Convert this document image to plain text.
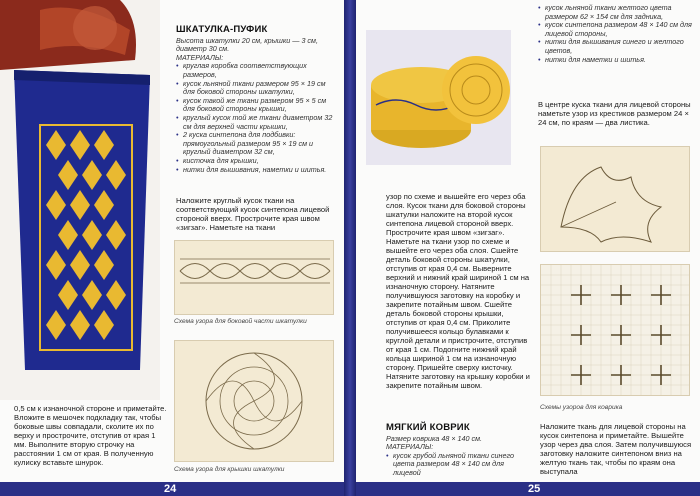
ШКАТУЛКА-ПУФИК
Высота шкатулки 20 см, крышки — 3 см, диаметр 30 см.
МАТЕРИАЛЫ:
• круглая коробка соответствующих размеров,
• кусок льняной ткани размером 95 × 19 см для боковой стороны шкатулки,
• кусок такой же ткани размером 95 × 5 см для боковой стороны крышки,
• круглый кусок той же ткани диаметром 32 см для верхней части крышки,
• 2 куска синтепона для подбивки: прямоугольный размером 95 × 19 см и круглый диаметром 32 см,
• кисточка для крышки,
• нитки для вышивания, наметки и шитья.
Наложите круглый кусок ткани на соответствующий кусок синтепона лицевой стороной вверх. Прострочите края швом «зигзаг». Наметьте на ткани
Схема узора для боковой части шкатулки
Схема узора для крышки шкатулки
0,5 см к изнаночной стороне и приметайте. Вложите в мешочек подкладку так, чтобы боковые швы совпадали, сколите их по верху и прострочите, отступив от края 1 мм. Выполните вторую строчку на расстоянии 1 см от края. В полученную кулиску вставьте шнурок.
• кусок льняной ткани желтого цвета размером 62 × 154 см для задника,
• кусок синтепона размером 48 × 140 см для лицевой стороны,
• нитки для вышивания синего и желтого цветов,
• нитки для наметки и шитья.
В центре куска ткани для лицевой стороны наметьте узор из крестиков размером 24 × 24 см, по краям — два листика.
Схемы узоров для коврика
узор по схеме и вышейте его через оба слоя. Кусок ткани для боковой стороны шкатулки наложите на второй кусок синтепона лицевой стороной вверх. Прострочите края швом «зигзаг». Наметьте на ткани узор по схеме и вышейте его через оба слоя. Сшейте деталь боковой стороны шкатулки, отступив от края 0,4 см. Выверните верхний и нижний край шириной 1 см на изнаночную сторону. Натяните получившуюся заготовку на коробку и закрепите потайным швом. Сшейте деталь боковой стороны крышки, отступив от края 0,4 см. Приколите получившееся кольцо булавками к круглой детали и пристрочите, отступив от края 1 см. Подогните нижний край кольца шириной 1 см на изнаночную сторону. Пришейте сверху кисточку. Натяните заготовку на крышку коробки и закрепите потайным швом.
МЯГКИЙ КОВРИК
Размер коврика 48 × 140 см.
МАТЕРИАЛЫ:
• кусок грубой льняной ткани синего цвета размером 48 × 140 см для лицевой
Наложите ткань для лицевой стороны на кусок синтепона и приметайте. Вышейте узор через два слоя. Затем получившуюся заготовку наложите синтепоном вниз на желтую ткань так, чтобы по краям она выступала
24	25
